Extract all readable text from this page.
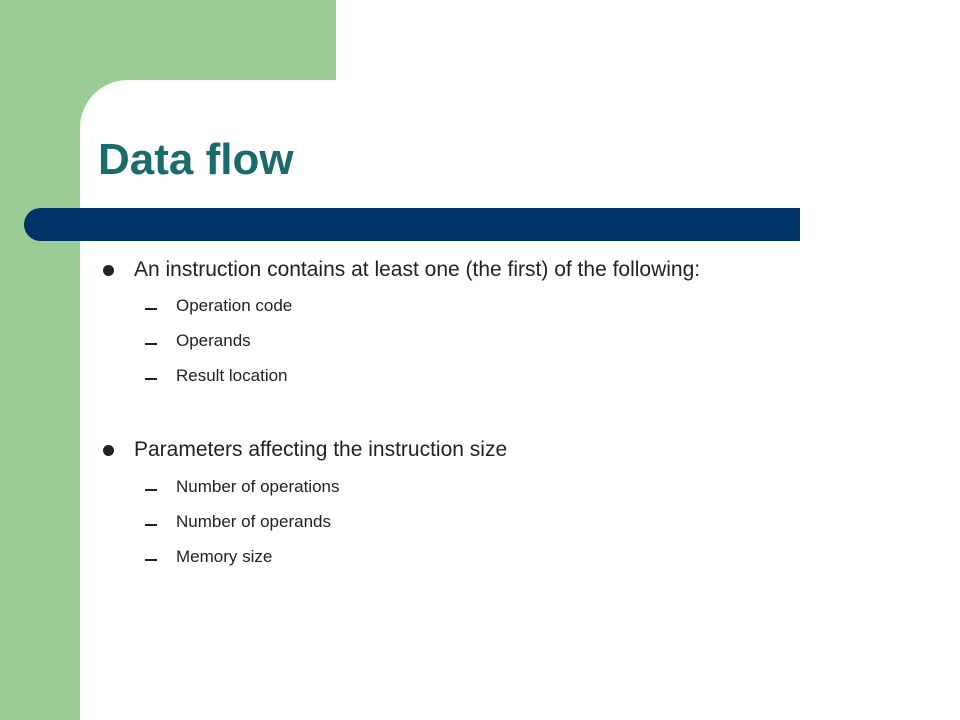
Data flow
An instruction contains at least one (the first) of the following:
Operation code
Operands
Result location
Parameters affecting the instruction size
Number of operations
Number of operands
Memory size
